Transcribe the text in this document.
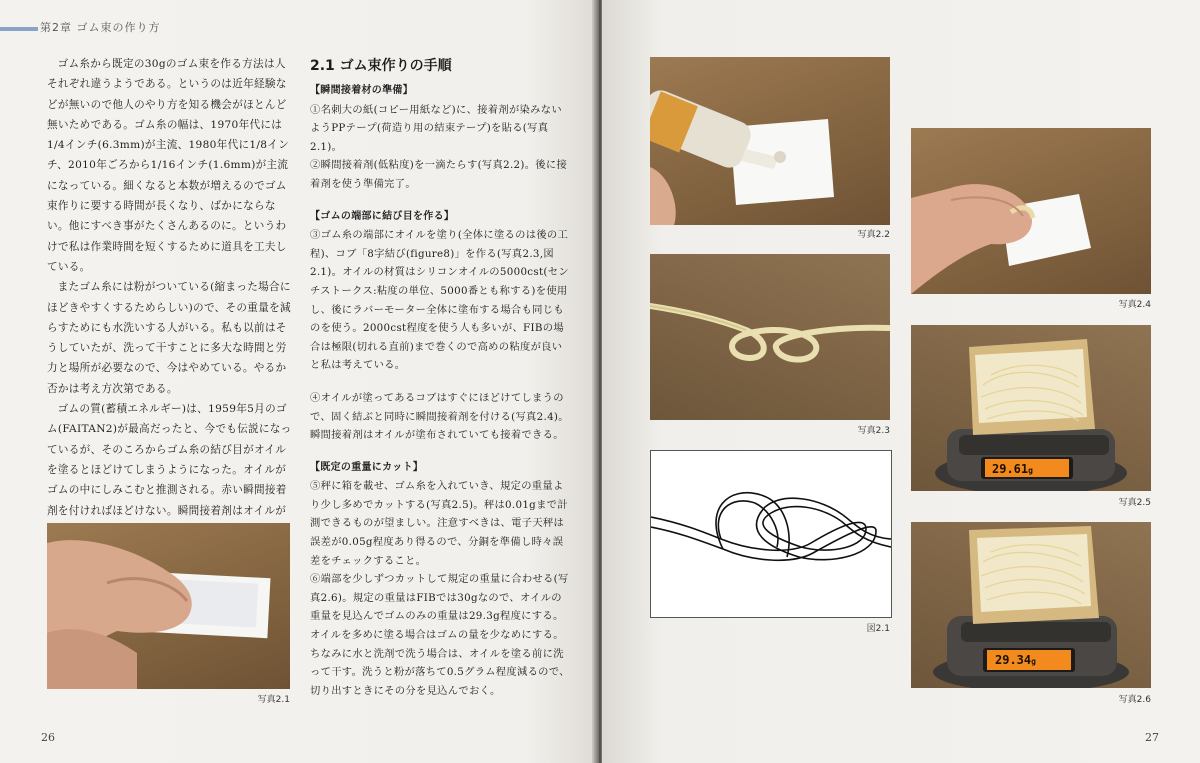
第2章 ゴム束の作り方

ゴム糸から既定の30gのゴム束を作る方法は人それぞれ違うようである。というのは近年経験などが無いので他人のやり方を知る機会がほとんど無いためである。ゴム糸の幅は、1970年代には1/4インチ(6.3mm)が主流、1980年代に1/8インチ、2010年ごろから1/16インチ(1.6mm)が主流になっている。細くなると本数が増えるのでゴム束作りに要する時間が長くなり、ばかにならない。他にすべき事がたくさんあるのに。というわけで私は作業時間を短くするために道具を工夫している。

またゴム糸には粉がついている(縮まった場合にほどきやすくするためらしい)ので、その重量を減らすためにも水洗いする人がいる。私も以前はそうしていたが、洗って干すことに多大な時間と労力と場所が必要なので、今はやめている。やるか否かは考え方次第である。

ゴムの質(蓄積エネルギー)は、1959年5月のゴム(FAITAN2)が最高だったと、今でも伝説になっているが、そのころからゴム糸の結び目がオイルを塗るとほどけてしまうようになった。オイルがゴムの中にしみこむと推測される。赤い瞬間接着剤を付ければほどけない。瞬間接着剤はオイルが

写真2.1
26
2.1 ゴム束作りの手順
【瞬間接着材の準備】

①名刺大の紙(コピー用紙など)に、接着剤が染みないようPPテープ(荷造り用の結束テープ)を貼る(写真2.1)。

②瞬間接着剤(低粘度)を一滴たらす(写真2.2)。後に接着剤を使う準備完了。

【ゴムの端部に結び目を作る】

③ゴム糸の端部にオイルを塗り(全体に塗るのは後の工程)、コブ「8字結び(figure8)」を作る(写真2.3,図2.1)。オイルの材質はシリコンオイルの5000cst(センチストークス:粘度の単位、5000番とも称する)を使用し、後にラバーモーター全体に塗布する場合も同じものを使う。2000cst程度を使う人も多いが、FIBの場合は極限(切れる直前)まで巻くので高めの粘度が良いと私は考えている。

④オイルが塗ってあるコブはすぐにほどけてしまうので、固く結ぶと同時に瞬間接着剤を付ける(写真2.4)。瞬間接着剤はオイルが塗布されていても接着できる。

【既定の重量にカット】

⑤秤に箱を載せ、ゴム糸を入れていき、規定の重量より少し多めでカットする(写真2.5)。秤は0.01gまで計測できるものが望ましい。注意すべきは、電子天秤は誤差が0.05g程度あり得るので、分銅を準備し時々誤差をチェックすること。

⑥端部を少しずつカットして規定の重量に合わせる(写真2.6)。規定の重量はFIBでは30gなので、オイルの重量を見込んでゴムのみの重量は29.3g程度にする。オイルを多めに塗る場合はゴムの量を少なめにする。ちなみに水と洗剤で洗う場合は、オイルを塗る前に洗って干す。洗うと粉が落ちて0.5グラム程度減るので、切り出すときにその分を見込んでおく。

写真2.2
写真2.3
図2.1
写真2.4
29.61g
写真2.5
29.34g
写真2.6
27
